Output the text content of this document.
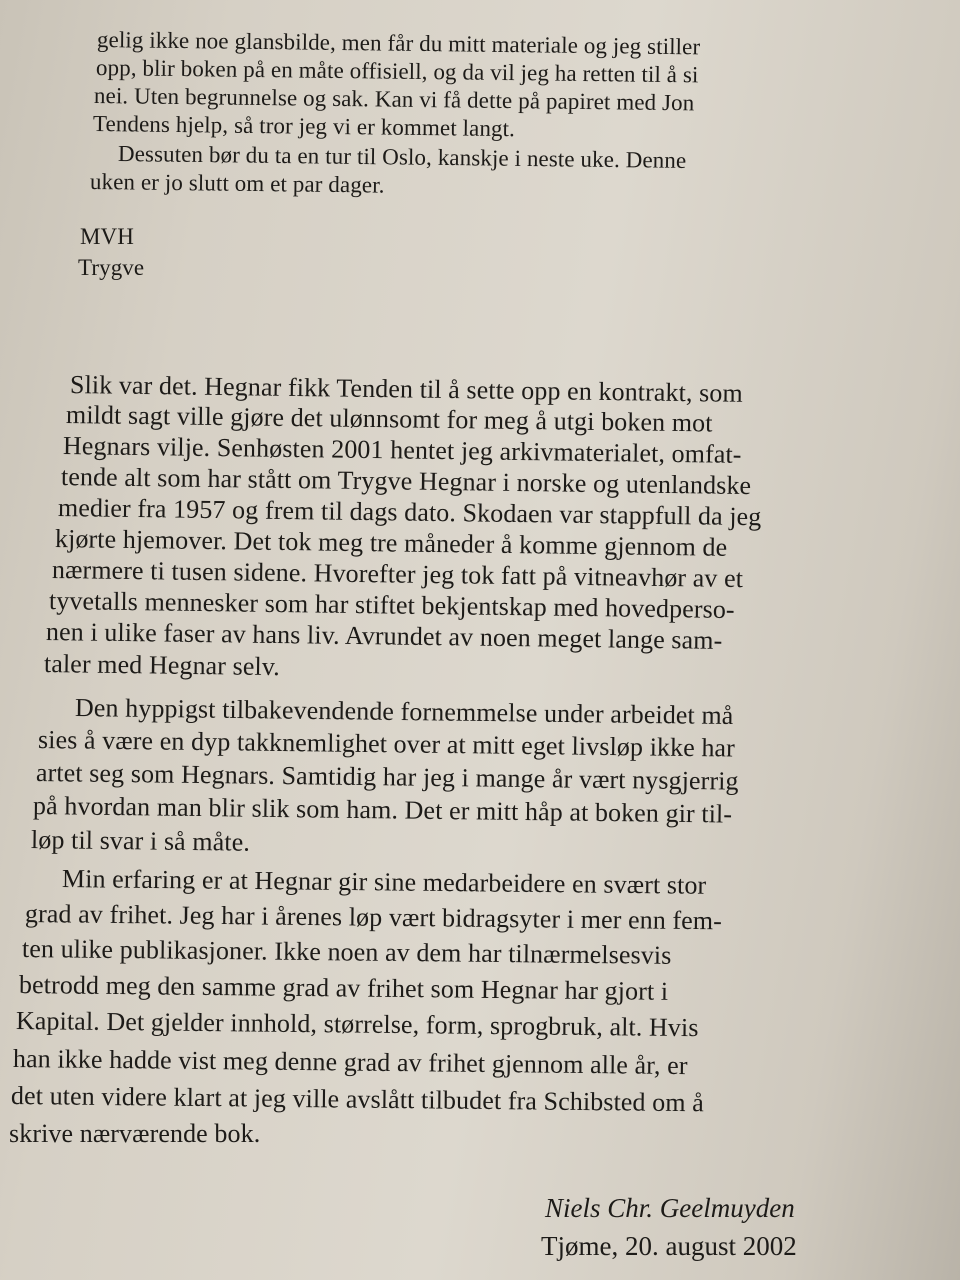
gelig ikke noe glansbilde, men får du mitt materiale og jeg stiller
opp, blir boken på en måte offisiell, og da vil jeg ha retten til å si
nei. Uten begrunnelse og sak. Kan vi få dette på papiret med Jon
Tendens hjelp, så tror jeg vi er kommet langt.
Dessuten bør du ta en tur til Oslo, kanskje i neste uke. Denne
uken er jo slutt om et par dager.
MVH
Trygve
Slik var det. Hegnar fikk Tenden til å sette opp en kontrakt, som
mildt sagt ville gjøre det ulønnsomt for meg å utgi boken mot
Hegnars vilje. Senhøsten 2001 hentet jeg arkivmaterialet, omfat-
tende alt som har stått om Trygve Hegnar i norske og utenlandske
medier fra 1957 og frem til dags dato. Skodaen var stappfull da jeg
kjørte hjemover. Det tok meg tre måneder å komme gjennom de
nærmere ti tusen sidene. Hvorefter jeg tok fatt på vitneavhør av et
tyvetalls mennesker som har stiftet bekjentskap med hovedperso-
nen i ulike faser av hans liv. Avrundet av noen meget lange sam-
taler med Hegnar selv.
Den hyppigst tilbakevendende fornemmelse under arbeidet må
sies å være en dyp takknemlighet over at mitt eget livsløp ikke har
artet seg som Hegnars. Samtidig har jeg i mange år vært nysgjerrig
på hvordan man blir slik som ham. Det er mitt håp at boken gir til-
løp til svar i så måte.
Min erfaring er at Hegnar gir sine medarbeidere en svært stor
grad av frihet. Jeg har i årenes løp vært bidragsyter i mer enn fem-
ten ulike publikasjoner. Ikke noen av dem har tilnærmelsesvis
betrodd meg den samme grad av frihet som Hegnar har gjort i
Kapital. Det gjelder innhold, størrelse, form, sprogbruk, alt. Hvis
han ikke hadde vist meg denne grad av frihet gjennom alle år, er
det uten videre klart at jeg ville avslått tilbudet fra Schibsted om å
skrive nærværende bok.
Niels Chr. Geelmuyden
Tjøme, 20. august 2002
